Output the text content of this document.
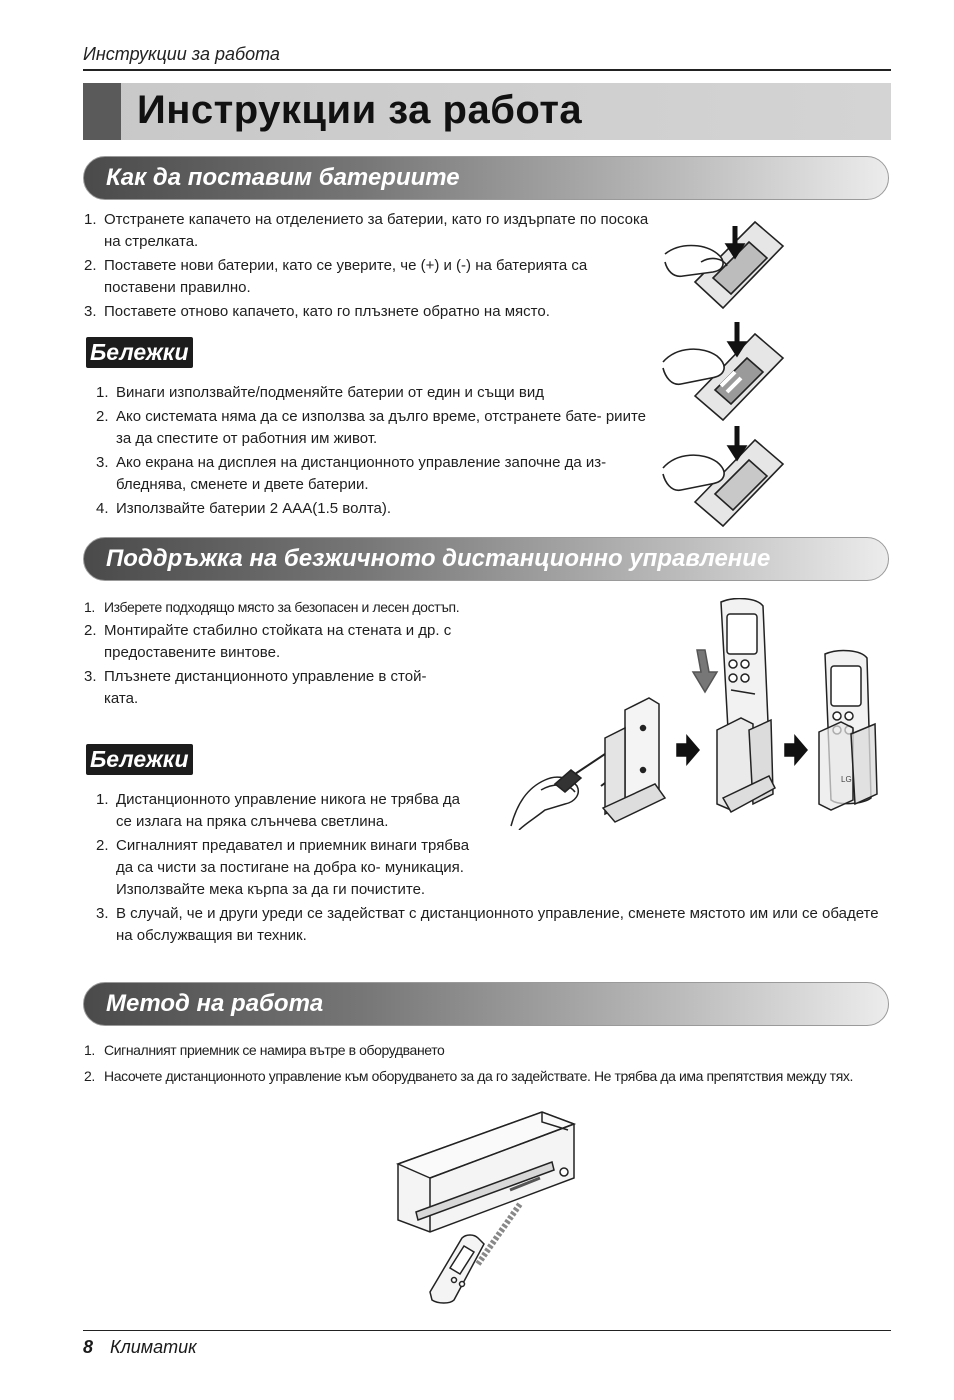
Инструкции за работа
Инструкции за работа
Как да поставим батериите
1. Отстранете капачето на отделението за батерии, като го издърпате по посока на стрелката.
2. Поставете нови батерии, като се уверите, че (+) и (-) на батерията са поставени правилно.
3. Поставете отново капачето, като го плъзнете обратно на място.
Бележки
1. Винаги използвайте/подменяйте батерии от един и същи вид
2. Ако системата няма да се използва за дълго време, отстранете бате- риите за да спестите от работния им живот.
3. Ако екрана на дисплея на дистанционното управление започне да из- бледнява, сменете и двете батерии.
4. Използвайте батерии 2 AAA(1.5 волта).
Поддръжка на безжичното дистанционно управление
1. Изберете подходящо място за безопасен и лесен достъп.
2. Монтирайте стабилно стойката на стената и др. с предоставените винтове.
3. Плъзнете дистанционното управление в стой- ката.
Бележки
1. Дистанционното управление никога не трябва да се излага на пряка слънчева светлина.
2. Сигналният предавател и приемник винаги трябва да са чисти за постигане на добра ко- муникация. Използвайте мека кърпа за да ги почистите.
3. В случай, че и други уреди се задействат с дистанционното управление, сменете мястото им или се обадете на обслужващия ви техник.
LG
Метод на работа
1. Сигналният приемник се намира вътре в оборудването
2. Насочете дистанционното управление към оборудването за да го задействате. Не трябва да има препятствия между тях.
8 Климатик
